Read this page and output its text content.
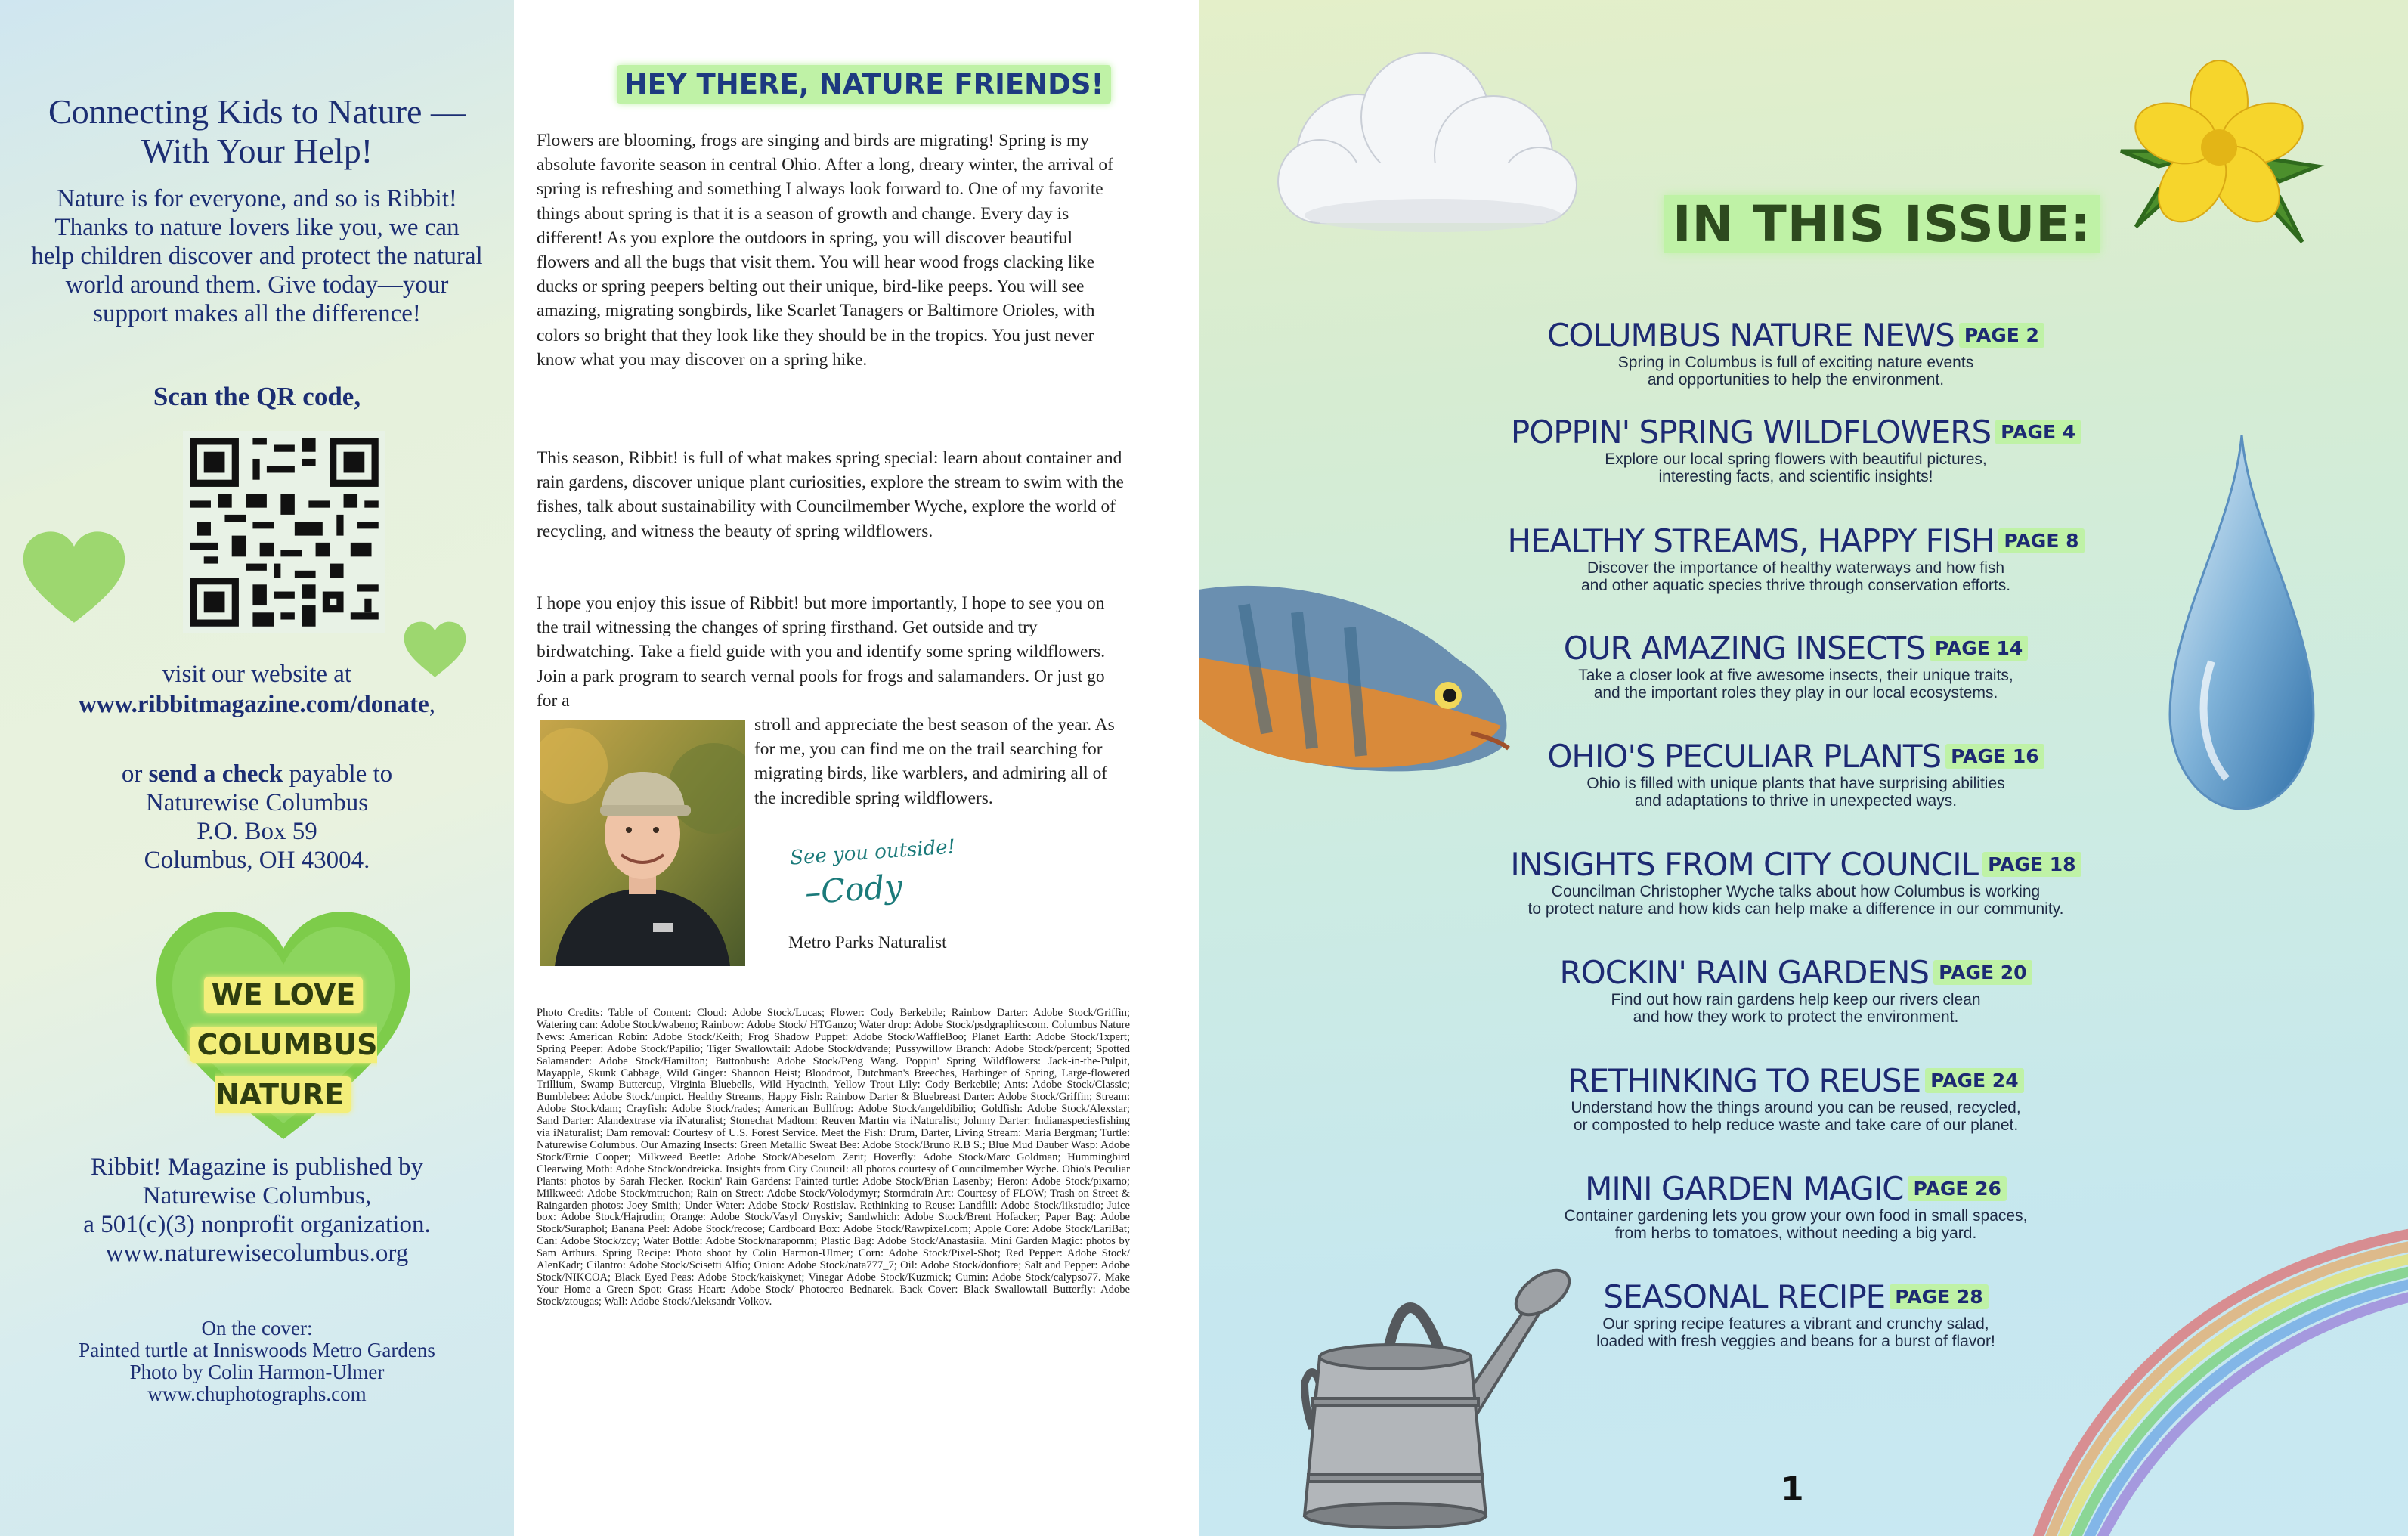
Connecting Kids to Nature —With Your Help!
Nature is for everyone, and so is Ribbit! Thanks to nature lovers like you, we can help children discover and protect the natural world around them. Give today—your support makes all the difference!
Scan the QR code,
visit our website at
www.ribbitmagazine.com/donate,
or send a check payable to
Naturewise Columbus
P.O. Box 59
Columbus, OH 43004.
WE LOVE
COLUMBUS NATURE
Ribbit! Magazine is published by
Naturewise Columbus,
a 501(c)(3) nonprofit organization.
www.naturewisecolumbus.org
On the cover:
Painted turtle at Inniswoods Metro Gardens
Photo by Colin Harmon-Ulmer
www.chuphotographs.com
HEY THERE, NATURE FRIENDS!
Flowers are blooming, frogs are singing and birds are migrating! Spring is my absolute favorite season in central Ohio. After a long, dreary winter, the arrival of spring is refreshing and something I always look forward to. One of my favorite things about spring is that it is a season of growth and change. Every day is different! As you explore the outdoors in spring, you will discover beautiful flowers and all the bugs that visit them. You will hear wood frogs clacking like ducks or spring peepers belting out their unique, bird-like peeps. You will see amazing, migrating songbirds, like Scarlet Tanagers or Baltimore Orioles, with colors so bright that they look like they should be in the tropics. You just never know what you may discover on a spring hike.
This season, Ribbit! is full of what makes spring special: learn about container and rain gardens, discover unique plant curiosities, explore the stream to swim with the fishes, talk about sustainability with Councilmember Wyche, explore the world of recycling, and witness the beauty of spring wildflowers.
I hope you enjoy this issue of Ribbit! but more importantly, I hope to see you on the trail witnessing the changes of spring firsthand. Get outside and try birdwatching. Take a field guide with you and identify some spring wildflowers. Join a park program to search vernal pools for frogs and salamanders. Or just go for a
stroll and appreciate the best season of the year. As for me, you can find me on the trail searching for migrating birds, like warblers, and admiring all of the incredible spring wildflowers.
See you outside!
–Cody
Metro Parks Naturalist
Photo Credits: Table of Content: Cloud: Adobe Stock/Lucas; Flower: Cody Berkebile; Rainbow Darter: Adobe Stock/Griffin; Watering can: Adobe Stock/wabeno; Rainbow: Adobe Stock/ HTGanzo; Water drop: Adobe Stock/psdgraphicscom. Columbus Nature News: American Robin: Adobe Stock/Keith; Frog Shadow Puppet: Adobe Stock/WaffleBoo; Planet Earth: Adobe Stock/1xpert; Spring Peeper: Adobe Stock/Papilio; Tiger Swallowtail: Adobe Stock/dvande; Pussywillow Branch: Adobe Stock/percent; Spotted Salamander: Adobe Stock/Hamilton; Buttonbush: Adobe Stock/Peng Wang. Poppin' Spring Wildflowers: Jack-in-the-Pulpit, Mayapple, Skunk Cabbage, Wild Ginger: Shannon Heist; Bloodroot, Dutchman's Breeches, Harbinger of Spring, Large-flowered Trillium, Swamp Buttercup, Virginia Bluebells, Wild Hyacinth, Yellow Trout Lily: Cody Berkebile; Ants: Adobe Stock/Classic; Bumblebee: Adobe Stock/unpict. Healthy Streams, Happy Fish: Rainbow Darter & Bluebreast Darter: Adobe Stock/Griffin; Stream: Adobe Stock/dam; Crayfish: Adobe Stock/rades; American Bullfrog: Adobe Stock/angeldibilio; Goldfish: Adobe Stock/Alexstar; Sand Darter: Alandextrase via iNaturalist; Stonechat Madtom: Reuven Martin via iNaturalist; Johnny Darter: Indianaspeciesfishing via iNaturalist; Dam removal: Courtesy of U.S. Forest Service. Meet the Fish: Drum, Darter, Living Stream: Maria Bergman; Turtle: Naturewise Columbus. Our Amazing Insects: Green Metallic Sweat Bee: Adobe Stock/Bruno R.B S.; Blue Mud Dauber Wasp: Adobe Stock/Ernie Cooper; Milkweed Beetle: Adobe Stock/Abeselom Zerit; Hoverfly: Adobe Stock/Marc Goldman; Hummingbird Clearwing Moth: Adobe Stock/ondreicka. Insights from City Council: all photos courtesy of Councilmember Wyche. Ohio's Peculiar Plants: photos by Sarah Flecker. Rockin' Rain Gardens: Painted turtle: Adobe Stock/Brian Lasenby; Heron: Adobe Stock/pixarno; Milkweed: Adobe Stock/mtruchon; Rain on Street: Adobe Stock/Volodymyr; Stormdrain Art: Courtesy of FLOW; Trash on Street & Raingarden photos: Joey Smith; Under Water: Adobe Stock/ Rostislav. Rethinking to Reuse: Landfill: Adobe Stock/likstudio; Juice box: Adobe Stock/Hajrudin; Orange: Adobe Stock/Vasyl Onyskiv; Sandwhich: Adobe Stock/Brent Hofacker; Paper Bag: Adobe Stock/Suraphol; Banana Peel: Adobe Stock/recose; Cardboard Box: Adobe Stock/Rawpixel.com; Apple Core: Adobe Stock/LariBat; Can: Adobe Stock/zcy; Water Bottle: Adobe Stock/narapornm; Plastic Bag: Adobe Stock/Anastasiia. Mini Garden Magic: photos by Sam Arthurs. Spring Recipe: Photo shoot by Colin Harmon-Ulmer; Corn: Adobe Stock/Pixel-Shot; Red Pepper: Adobe Stock/ AlenKadr; Cilantro: Adobe Stock/Scisetti Alfio; Onion: Adobe Stock/nata777_7; Oil: Adobe Stock/donfiore; Salt and Pepper: Adobe Stock/NIKCOA; Black Eyed Peas: Adobe Stock/kaiskynet; Vinegar Adobe Stock/Kuzmick; Cumin: Adobe Stock/calypso77. Make Your Home a Green Spot: Grass Heart: Adobe Stock/ Photocreo Bednarek. Back Cover: Black Swallowtail Butterfly: Adobe Stock/ztougas; Wall: Adobe Stock/Aleksandr Volkov.
IN THIS ISSUE:
COLUMBUS NATURE NEWS PAGE 2
Spring in Columbus is full of exciting nature events
and opportunities to help the environment.
POPPIN' SPRING WILDFLOWERS PAGE 4
Explore our local spring flowers with beautiful pictures,
interesting facts, and scientific insights!
HEALTHY STREAMS, HAPPY FISH PAGE 8
Discover the importance of healthy waterways and how fish
and other aquatic species thrive through conservation efforts.
OUR AMAZING INSECTS PAGE 14
Take a closer look at five awesome insects, their unique traits,
and the important roles they play in our local ecosystems.
OHIO'S PECULIAR PLANTS PAGE 16
Ohio is filled with unique plants that have surprising abilities
and adaptations to thrive in unexpected ways.
INSIGHTS FROM CITY COUNCIL PAGE 18
Councilman Christopher Wyche talks about how Columbus is working
to protect nature and how kids can help make a difference in our community.
ROCKIN' RAIN GARDENS PAGE 20
Find out how rain gardens help keep our rivers clean
and how they work to protect the environment.
RETHINKING TO REUSE PAGE 24
Understand how the things around you can be reused, recycled,
or composted to help reduce waste and take care of our planet.
MINI GARDEN MAGIC PAGE 26
Container gardening lets you grow your own food in small spaces,
from herbs to tomatoes, without needing a big yard.
SEASONAL RECIPE PAGE 28
Our spring recipe features a vibrant and crunchy salad,
loaded with fresh veggies and beans for a burst of flavor!
1
